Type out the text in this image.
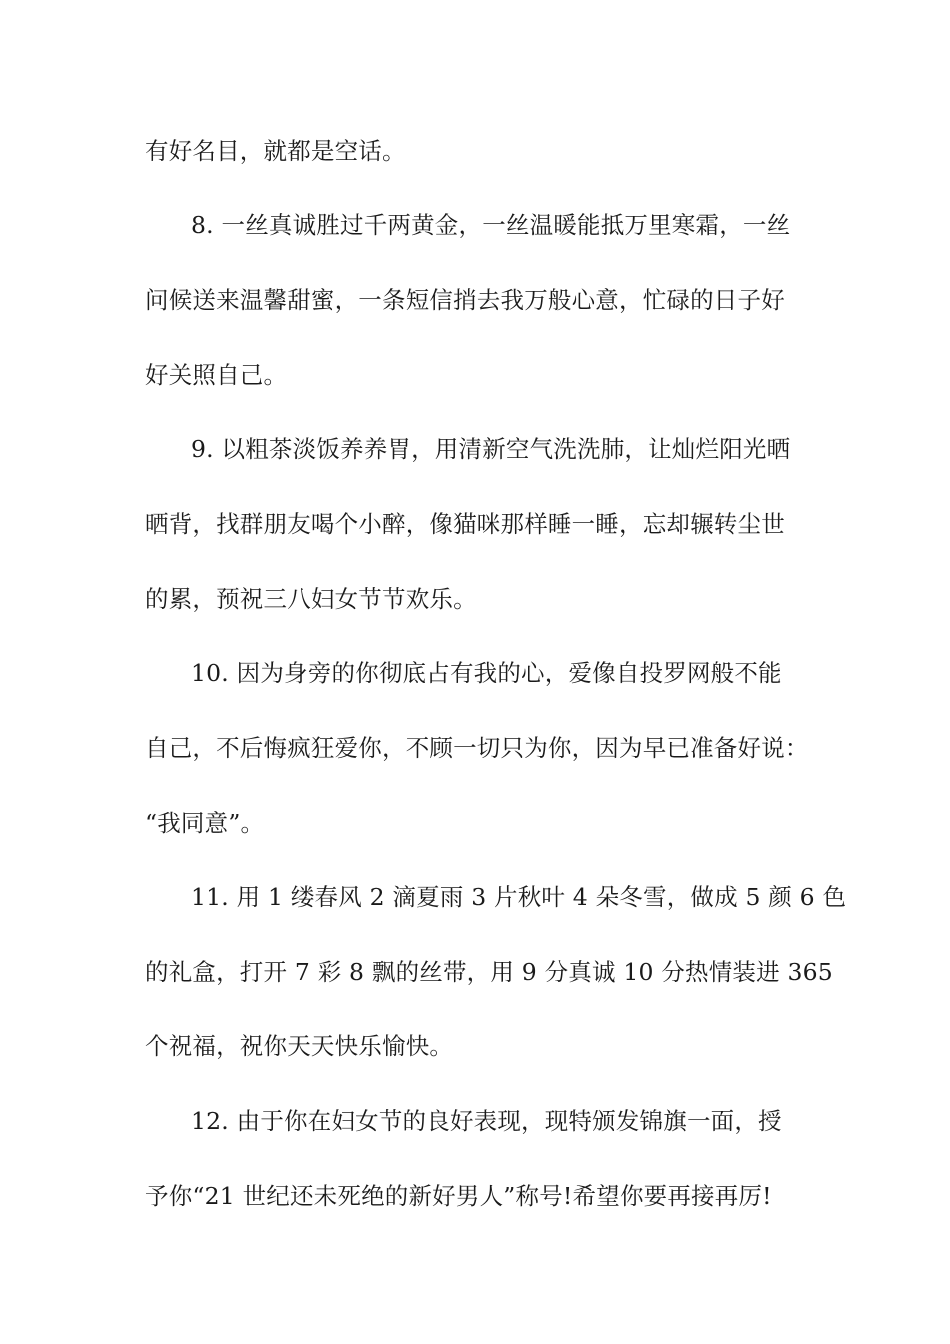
有好名目，就都是空话。
8. 一丝真诚胜过千两黄金，一丝温暖能抵万里寒霜，一丝
问候送来温馨甜蜜，一条短信捎去我万般心意，忙碌的日子好
好关照自己。
9. 以粗茶淡饭养养胃，用清新空气洗洗肺，让灿烂阳光晒
晒背，找群朋友喝个小醉，像猫咪那样睡一睡，忘却辗转尘世
的累，预祝三八妇女节节欢乐。
10. 因为身旁的你彻底占有我的心，爱像自投罗网般不能
自己，不后悔疯狂爱你，不顾一切只为你，因为早已准备好说：
“我同意”。
11. 用 1 缕春风 2 滴夏雨 3 片秋叶 4 朵冬雪，做成 5 颜 6 色
的礼盒，打开 7 彩 8 飘的丝带，用 9 分真诚 10 分热情装进 365
个祝福，祝你天天快乐愉快。
12. 由于你在妇女节的良好表现，现特颁发锦旗一面，授
予你“21 世纪还未死绝的新好男人”称号!希望你要再接再厉!
